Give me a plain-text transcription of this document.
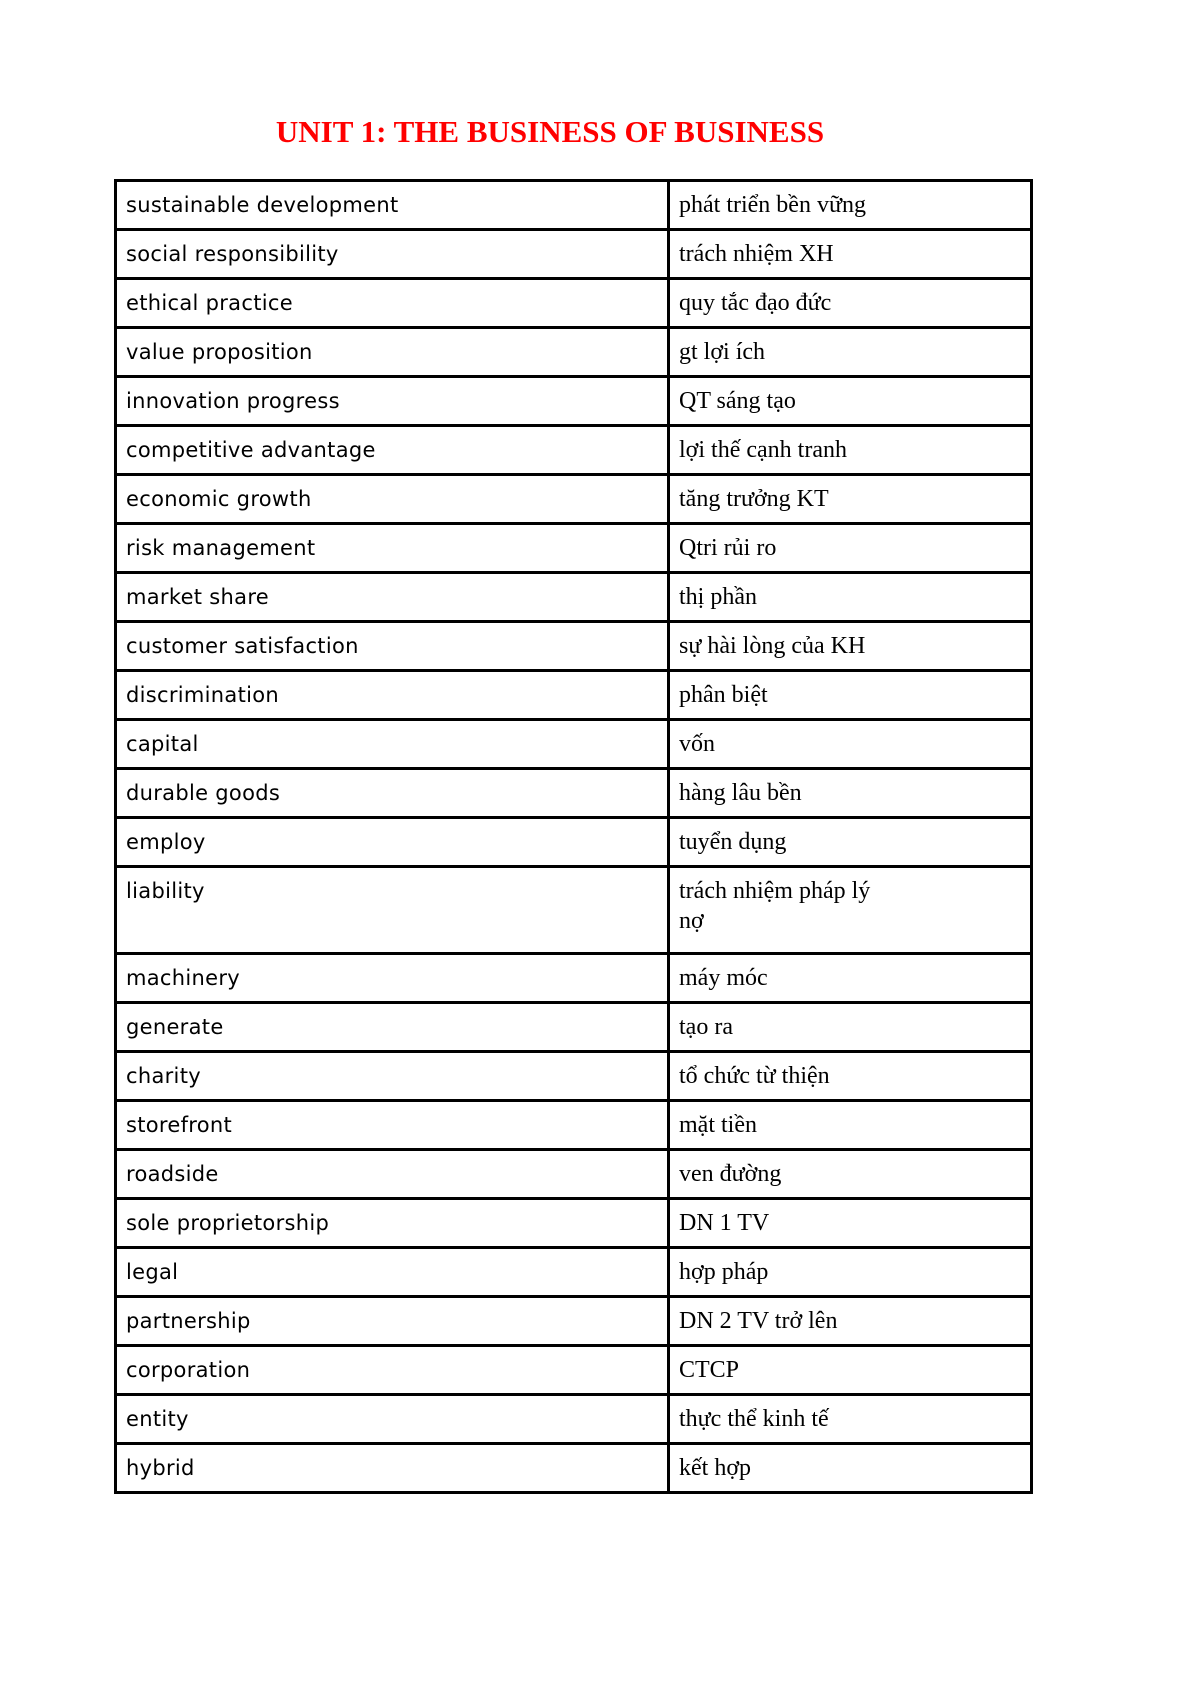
UNIT 1: THE BUSINESS OF BUSINESS
sustainable development	phát triển bền vững

social responsibility	trách nhiệm XH

ethical practice	quy tắc đạo đức

value proposition	gt lợi ích

innovation progress	QT sáng tạo

competitive advantage	lợi thế cạnh tranh

economic growth	tăng trưởng KT

risk management	Qtri rủi ro

market share	thị phần

customer satisfaction	sự hài lòng của KH

discrimination	phân biệt

capital	vốn

durable goods	hàng lâu bền

employ	tuyển dụng

liability	trách nhiệm pháp lý
nợ

machinery	máy móc

generate	tạo ra

charity	tổ chức từ thiện

storefront	mặt tiền

roadside	ven đường

sole proprietorship	DN 1 TV

legal	hợp pháp

partnership	DN 2 TV trở lên

corporation	CTCP

entity	thực thể kinh tế

hybrid	kết hợp
